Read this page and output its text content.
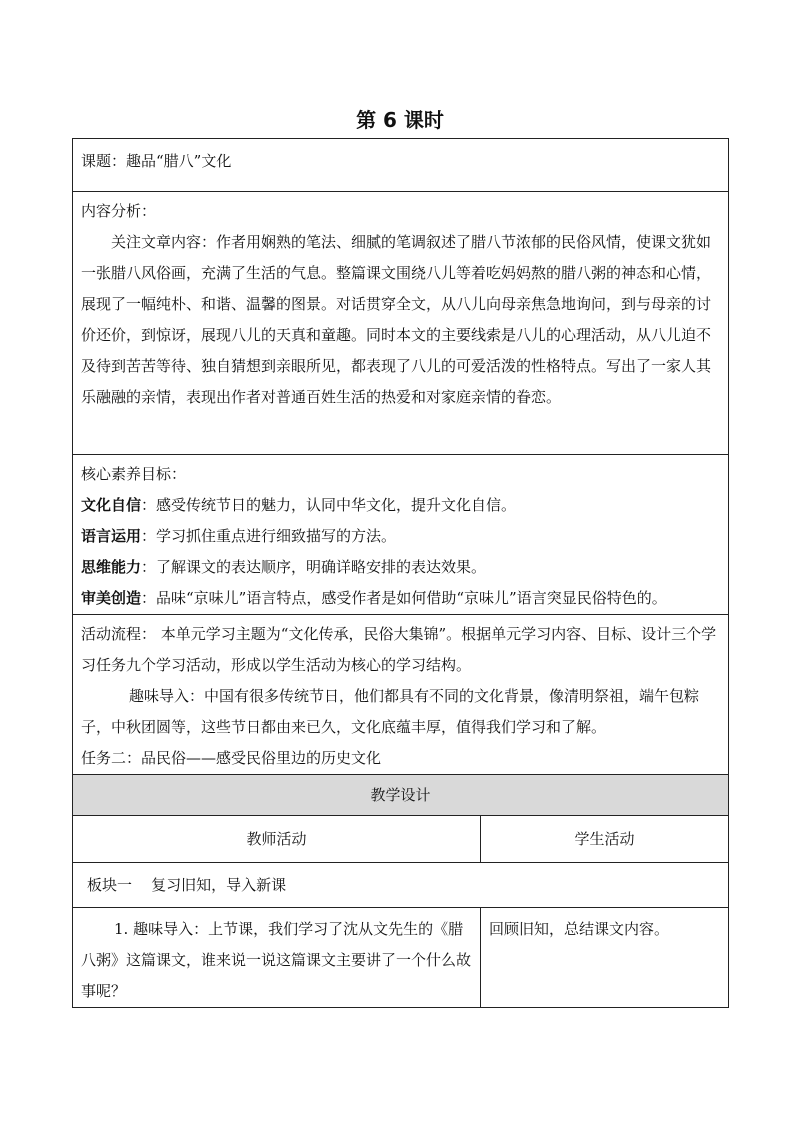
第 6 课时
课题：趣品“腊八”文化	

内容分析：

关注文章内容：作者用娴熟的笔法、细腻的笔调叙述了腊八节浓郁的民俗风情，使课文犹如一张腊八风俗画，充满了生活的气息。整篇课文围绕八儿等着吃妈妈熬的腊八粥的神态和心情，展现了一幅纯朴、和谐、温馨的图景。对话贯穿全文，从八儿向母亲焦急地询问，到与母亲的讨价还价，到惊讶，展现八儿的天真和童趣。同时本文的主要线索是八儿的心理活动，从八儿迫不及待到苦苦等待、独自猜想到亲眼所见，都表现了八儿的可爱活泼的性格特点。写出了一家人其乐融融的亲情，表现出作者对普通百姓生活的热爱和对家庭亲情的眷恋。	

核心素养目标：

文化自信：感受传统节日的魅力，认同中华文化，提升文化自信。

语言运用：学习抓住重点进行细致描写的方法。

思维能力：了解课文的表达顺序，明确详略安排的表达效果。

审美创造：品味“京味儿”语言特点，感受作者是如何借助“京味儿”语言突显民俗特色的。	

活动流程： 本单元学习主题为“文化传承，民俗大集锦”。根据单元学习内容、目标、设计三个学习任务九个学习活动，形成以学生活动为核心的学习结构。

趣味导入：中国有很多传统节日，他们都具有不同的文化背景，像清明祭祖，端午包粽子，中秋团圆等，这些节日都由来已久，文化底蕴丰厚，值得我们学习和了解。

任务二：品民俗——感受民俗里边的历史文化	

教学设计	
教师活动	学生活动
板块一    复习旧知，导入新课	

1. 趣味导入：上节课，我们学习了沈从文先生的《腊八粥》这篇课文，谁来说一说这篇课文主要讲了一个什么故事呢？	回顾旧知，总结课文内容。
